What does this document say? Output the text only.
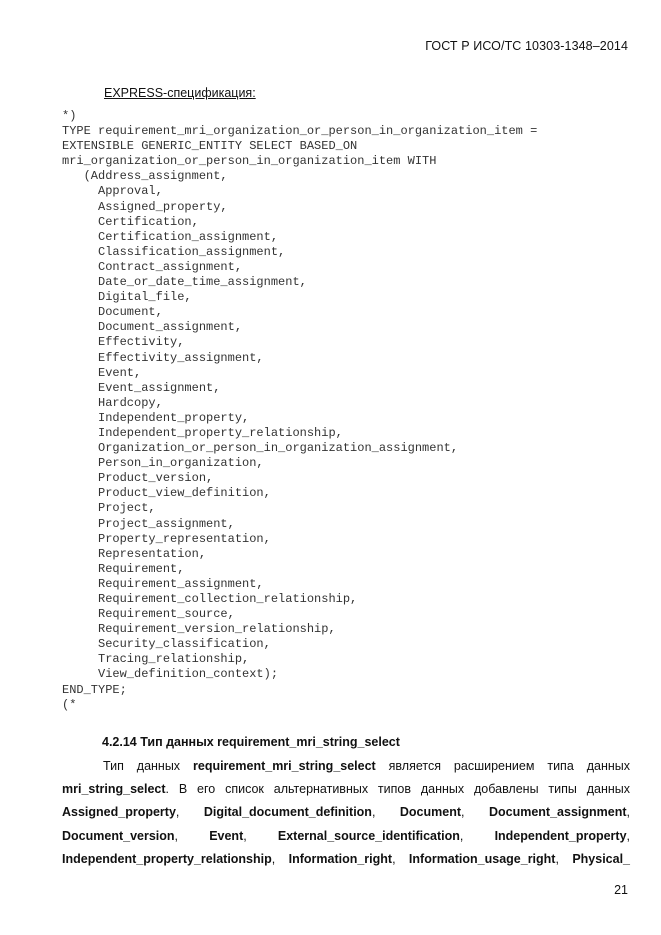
ГОСТ Р ИСО/ТС 10303-1348–2014
EXPRESS-спецификация:
*)
TYPE requirement_mri_organization_or_person_in_organization_item =
EXTENSIBLE GENERIC_ENTITY SELECT BASED_ON
mri_organization_or_person_in_organization_item WITH
(Address_assignment,
Approval,
Assigned_property,
Certification,
Certification_assignment,
Classification_assignment,
Contract_assignment,
Date_or_date_time_assignment,
Digital_file,
Document,
Document_assignment,
Effectivity,
Effectivity_assignment,
Event,
Event_assignment,
Hardcopy,
Independent_property,
Independent_property_relationship,
Organization_or_person_in_organization_assignment,
Person_in_organization,
Product_version,
Product_view_definition,
Project,
Project_assignment,
Property_representation,
Representation,
Requirement,
Requirement_assignment,
Requirement_collection_relationship,
Requirement_source,
Requirement_version_relationship,
Security_classification,
Tracing_relationship,
View_definition_context);
END_TYPE;
(*

4.2.14 Тип данных requirement_mri_string_select
Тип данных requirement_mri_string_select является расширением типа данных
mri_string_select. В его список альтернативных типов данных добавлены типы данных
Assigned_property, Digital_document_definition, Document, Document_assignment,
Document_version, Event, External_source_identification, Independent_property,
Independent_property_relationship, Information_right, Information_usage_right, Physical_
21
